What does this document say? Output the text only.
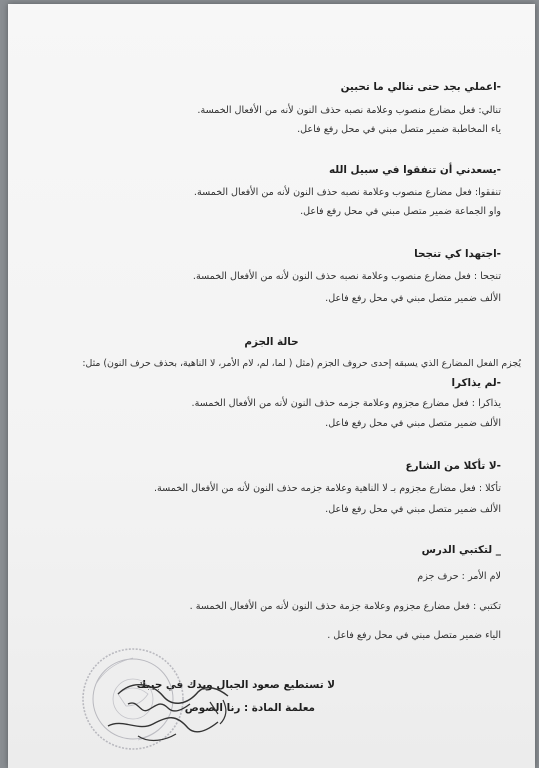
-اعملي بجد حتى تنالي ما تحبين
تنالي: فعل مضارع منصوب وعلامة نصبه حذف النون لأنه من الأفعال الخمسة.
ياء المخاطبة ضمير متصل مبني في محل رفع فاعل.
-يسعدني أن تنفقوا في سبيل الله
تنفقوا: فعل مضارع منصوب وعلامة نصبه حذف النون لأنه من الأفعال الخمسة.
واو الجماعة ضمير متصل مبني في محل رفع فاعل.
-اجتهدا كي تنجحا
تنجحا : فعل مضارع منصوب وعلامة نصبه حذف النون لأنه من الأفعال الخمسة.
الألف ضمير متصل مبني في محل رفع فاعل.
حالة الجزم
يُجزم الفعل المضارع الذي يسبقه إحدى حروف الجزم (مثل ( لما، لم، لام الأمر، لا الناهية، بحذف حرف النون) مثل:
-لم يذاكرا
يذاكرا : فعل مضارع مجزوم وعلامة جزمه حذف النون لأنه من الأفعال الخمسة.
الألف ضمير متصل مبني في محل رفع فاعل.
-لا تأكلا من الشارع
تأكلا : فعل مضارع مجزوم بـ لا الناهية وعلامة جزمه حذف النون لأنه من الأفعال الخمسة.
الألف ضمير متصل مبني في محل رفع فاعل.
_ لتكتبي الدرس
لام الأمر : حرف جزم
تكتبي : فعل مضارع مجزوم وعلامة جزمة حذف النون لأنه من الأفعال الخمسة .
الياء ضمير متصل مبني في محل رفع فاعل .
لا تستطيع صعود الجبال ويدك في جيبك
معلمة المادة : رنا الصوص
